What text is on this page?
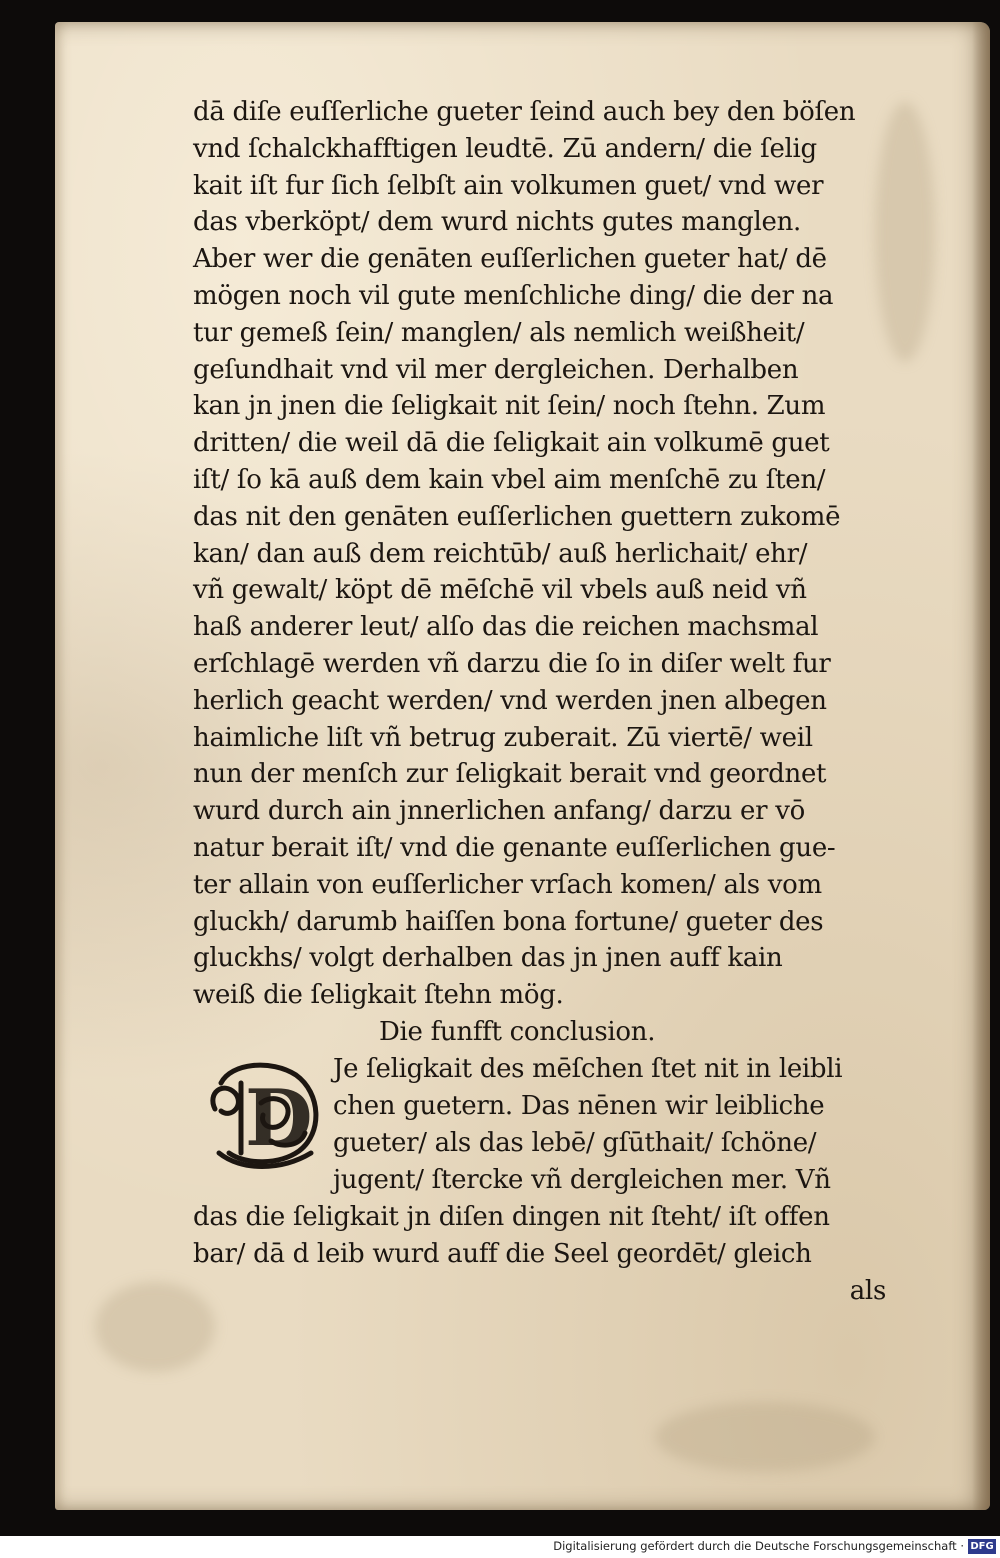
dā diſe euſſerliche gueter ſeind auch bey den böſen
vnd ſchalckhafftigen leudtē. Zū andern/ die ſelig
kait iſt fur ſich ſelbſt ain volkumen guet/ vnd wer
das vberköpt/ dem wurd nichts gutes manglen.
Aber wer die genāten euſſerlichen gueter hat/ dē
mögen noch vil gute menſchliche ding/ die der na
tur gemeß ſein/ manglen/ als nemlich weißheit/
geſundhait vnd vil mer dergleichen. Derhalben
kan jn jnen die ſeligkait nit ſein/ noch ſtehn. Zum
dritten/ die weil dā die ſeligkait ain volkumē guet
iſt/ ſo kā auß dem kain vbel aim menſchē zu ſten/
das nit den genāten euſſerlichen guettern zukomē
kan/ dan auß dem reichtūb/ auß herlichait/ ehr/
vñ gewalt/ köpt dē mēſchē vil vbels auß neid vñ
haß anderer leut/ alſo das die reichen machsmal
erſchlagē werden vñ darzu die ſo in diſer welt fur
herlich geacht werden/ vnd werden jnen albegen
haimliche liſt vñ betrug zuberait. Zū viertē/ weil
nun der menſch zur ſeligkait berait vnd geordnet
wurd durch ain jnnerlichen anfang/ darzu er vō
natur berait iſt/ vnd die genante euſſerlichen gue-
ter allain von euſſerlicher vrſach komen/ als vom
gluckh/ darumb haiſſen bona fortune/ gueter des
gluckhs/ volgt derhalben das jn jnen auff kain
weiß die ſeligkait ſtehn mög.
Die funfft conclusion.
D
Je ſeligkait des mēſchen ſtet nit in leibli
chen guetern. Das nēnen wir leibliche
gueter/ als das lebē/ gſūthait/ ſchöne/
jugent/ ſtercke vñ dergleichen mer. Vñ
das die ſeligkait jn diſen dingen nit ſteht/ iſt offen
bar/ dā d leib wurd auff die Seel geordēt/ gleich
als
Digitalisierung gefördert durch die Deutsche Forschungsgemeinschaft · DFG
